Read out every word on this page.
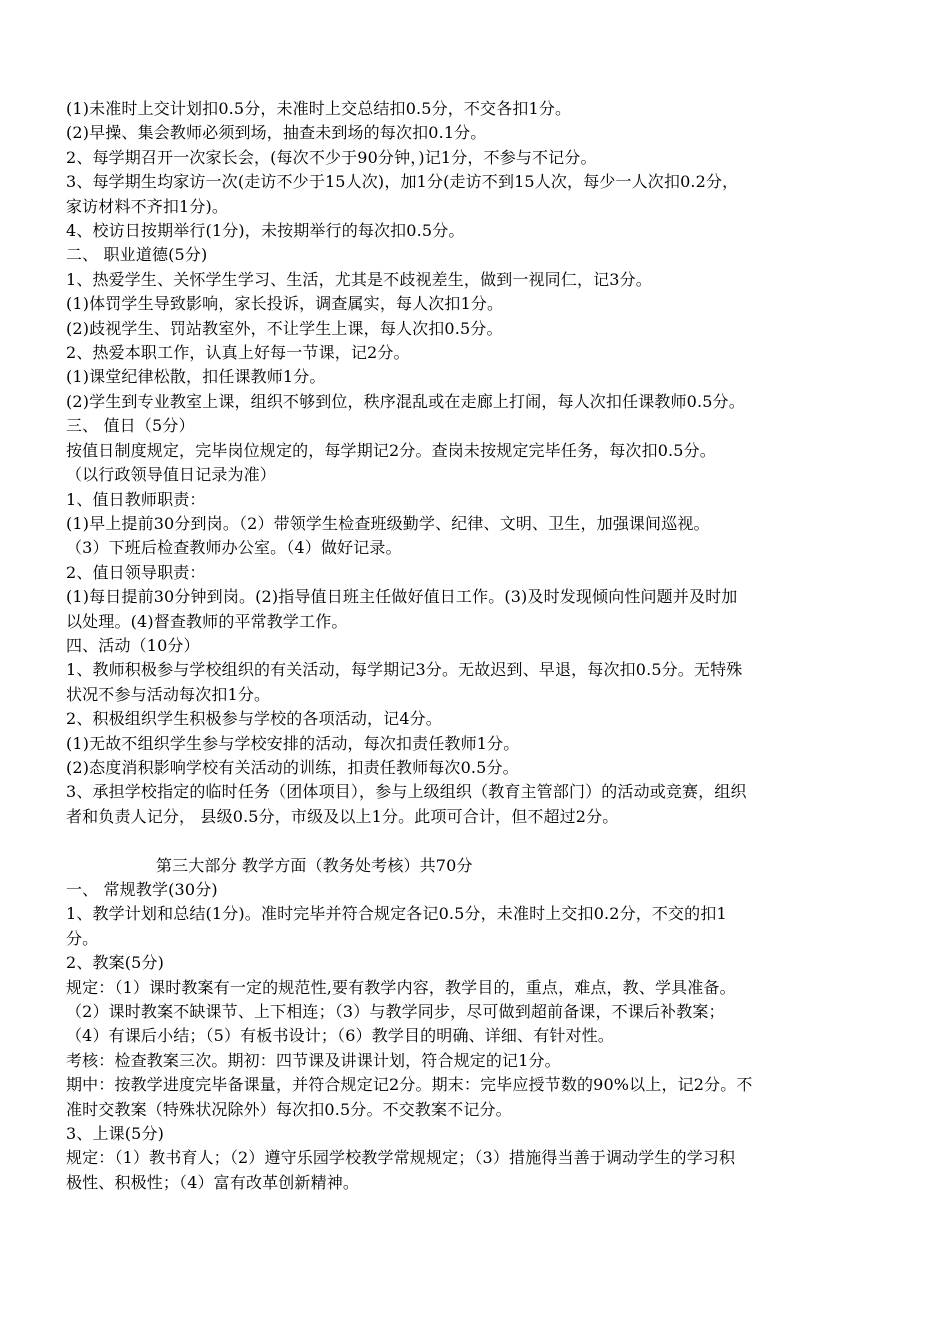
(1)未准时上交计划扣0.5分，未准时上交总结扣0.5分，不交各扣1分。
(2)早操、集会教师必须到场，抽查未到场的每次扣0.1分。
2、每学期召开一次家长会，(每次不少于90分钟，)记1分，不参与不记分。
3、每学期生均家访一次(走访不少于15人次)，加1分(走访不到15人次，每少一人次扣0.2分，
家访材料不齐扣1分)。
4、校访日按期举行(1分)，未按期举行的每次扣0.5分。
二、 职业道德(5分)
1、热爱学生、关怀学生学习、生活，尤其是不歧视差生，做到一视同仁，记3分。
(1)体罚学生导致影响，家长投诉，调查属实，每人次扣1分。
(2)歧视学生、罚站教室外，不让学生上课，每人次扣0.5分。
2、热爱本职工作，认真上好每一节课，记2分。
(1)课堂纪律松散，扣任课教师1分。
(2)学生到专业教室上课，组织不够到位，秩序混乱或在走廊上打闹，每人次扣任课教师0.5分。
三、 值日（5分）
按值日制度规定，完毕岗位规定的，每学期记2分。查岗未按规定完毕任务，每次扣0.5分。
（以行政领导值日记录为准）
1、值日教师职责：
(1)早上提前30分到岗。（2）带领学生检查班级勤学、纪律、文明、卫生，加强课间巡视。
（3）下班后检查教师办公室。（4）做好记录。
2、值日领导职责：
(1)每日提前30分钟到岗。(2)指导值日班主任做好值日工作。(3)及时发现倾向性问题并及时加
以处理。(4)督查教师的平常教学工作。
四、活动（10分）
1、教师积极参与学校组织的有关活动，每学期记3分。无故迟到、早退，每次扣0.5分。无特殊
状况不参与活动每次扣1分。
2、积极组织学生积极参与学校的各项活动，记4分。
(1)无故不组织学生参与学校安排的活动，每次扣责任教师1分。
(2)态度消积影响学校有关活动的训练，扣责任教师每次0.5分。
3、承担学校指定的临时任务（团体项目），参与上级组织（教育主管部门）的活动或竞赛，组织
者和负责人记分， 县级0.5分，市级及以上1分。此项可合计，但不超过2分。
第三大部分 教学方面（教务处考核）共70分
一、 常规教学(30分)
1、教学计划和总结(1分)。准时完毕并符合规定各记0.5分，未准时上交扣0.2分，不交的扣1
分。
2、教案(5分)
规定：（1）课时教案有一定的规范性,要有教学内容，教学目的，重点，难点，教、学具准备。
（2）课时教案不缺课节、上下相连；（3）与教学同步，尽可做到超前备课，不课后补教案；
（4）有课后小结；（5）有板书设计；（6）教学目的明确、详细、有针对性。
考核：检查教案三次。期初：四节课及讲课计划，符合规定的记1分。
期中：按教学进度完毕备课量，并符合规定记2分。期末：完毕应授节数的90%以上，记2分。不
准时交教案（特殊状况除外）每次扣0.5分。不交教案不记分。
3、上课(5分)
规定：（1）教书育人；（2）遵守乐园学校教学常规规定；（3）措施得当善于调动学生的学习积
极性、积极性；（4）富有改革创新精神。
